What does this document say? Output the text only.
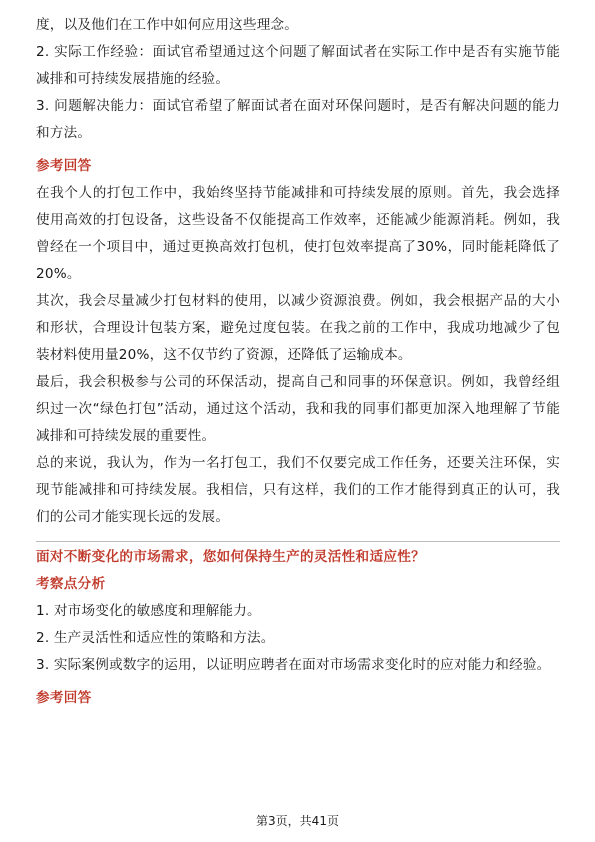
度，以及他们在工作中如何应用这些理念。

2. 实际工作经验：面试官希望通过这个问题了解面试者在实际工作中是否有实施节能减排和可持续发展措施的经验。

3. 问题解决能力：面试官希望了解面试者在面对环保问题时，是否有解决问题的能力和方法。

参考回答

在我个人的打包工作中，我始终坚持节能减排和可持续发展的原则。首先，我会选择使用高效的打包设备，这些设备不仅能提高工作效率，还能减少能源消耗。例如，我曾经在一个项目中，通过更换高效打包机，使打包效率提高了30%，同时能耗降低了20%。

其次，我会尽量减少打包材料的使用，以减少资源浪费。例如，我会根据产品的大小和形状，合理设计包装方案，避免过度包装。在我之前的工作中，我成功地减少了包装材料使用量20%，这不仅节约了资源，还降低了运输成本。

最后，我会积极参与公司的环保活动，提高自己和同事的环保意识。例如，我曾经组织过一次“绿色打包”活动，通过这个活动，我和我的同事们都更加深入地理解了节能减排和可持续发展的重要性。

总的来说，我认为，作为一名打包工，我们不仅要完成工作任务，还要关注环保，实现节能减排和可持续发展。我相信，只有这样，我们的工作才能得到真正的认可，我们的公司才能实现长远的发展。

面对不断变化的市场需求，您如何保持生产的灵活性和适应性？

考察点分析

1. 对市场变化的敏感度和理解能力。

2. 生产灵活性和适应性的策略和方法。

3. 实际案例或数字的运用，以证明应聘者在面对市场需求变化时的应对能力和经验。

参考回答

第3页，共41页
